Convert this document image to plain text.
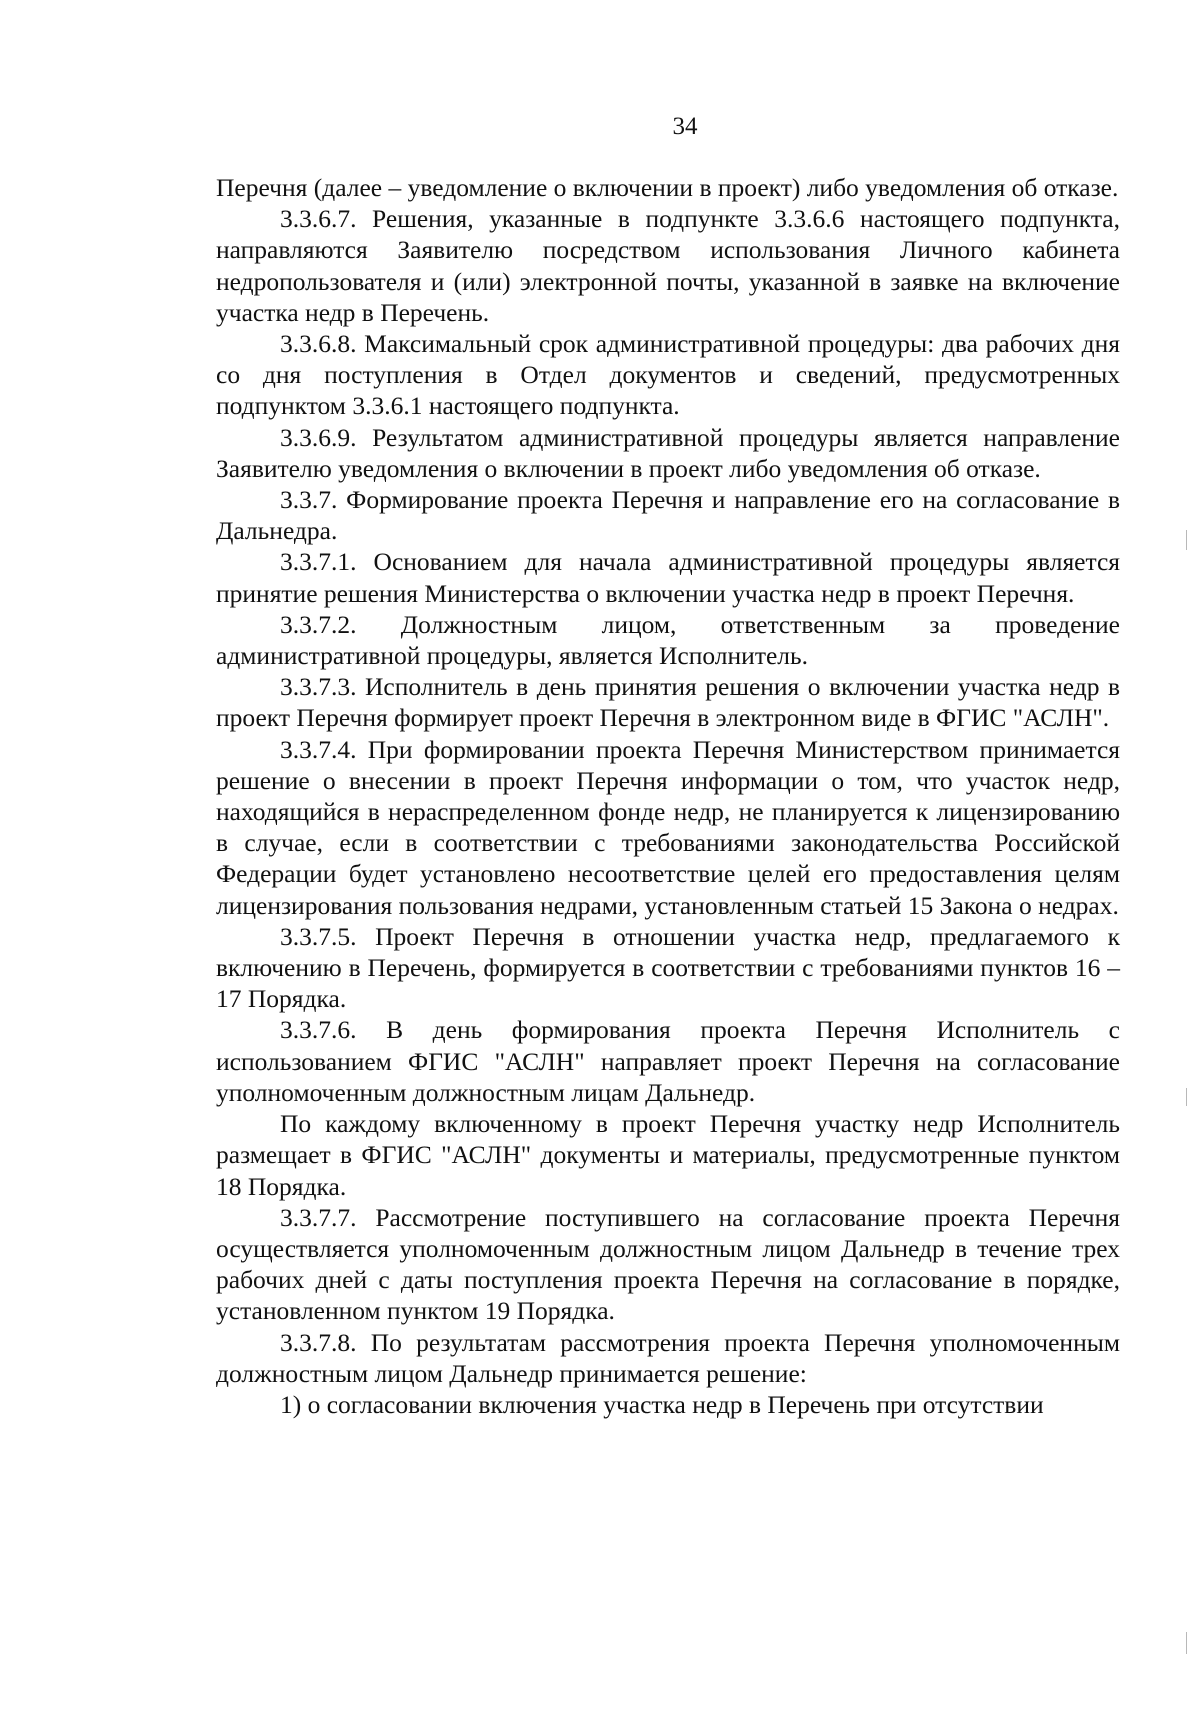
34

Перечня (далее – уведомление о включении в проект) либо уведомления об отказе.

3.3.6.7. Решения, указанные в подпункте 3.3.6.6 настоящего подпункта, направляются Заявителю посредством использования Личного кабинета недропользователя и (или) электронной почты, указанной в заявке на включение участка недр в Перечень.

3.3.6.8. Максимальный срок административной процедуры: два рабочих дня со дня поступления в Отдел документов и сведений, предусмотренных подпунктом 3.3.6.1 настоящего подпункта.

3.3.6.9. Результатом административной процедуры является направление Заявителю уведомления о включении в проект либо уведомления об отказе.

3.3.7. Формирование проекта Перечня и направление его на согласование в Дальнедра.

3.3.7.1. Основанием для начала административной процедуры является принятие решения Министерства о включении участка недр в проект Перечня.

3.3.7.2. Должностным лицом, ответственным за проведение административной процедуры, является Исполнитель.

3.3.7.3. Исполнитель в день принятия решения о включении участка недр в проект Перечня формирует проект Перечня в электронном виде в ФГИС "АСЛН".

3.3.7.4. При формировании проекта Перечня Министерством принимается решение о внесении в проект Перечня информации о том, что участок недр, находящийся в нераспределенном фонде недр, не планируется к лицензированию в случае, если в соответствии с требованиями законодательства Российской Федерации будет установлено несоответствие целей его предоставления целям лицензирования пользования недрами, установленным статьей 15 Закона о недрах.

3.3.7.5. Проект Перечня в отношении участка недр, предлагаемого к включению в Перечень, формируется в соответствии с требованиями пунктов 16 – 17 Порядка.

3.3.7.6. В день формирования проекта Перечня Исполнитель с использованием ФГИС "АСЛН" направляет проект Перечня на согласование уполномоченным должностным лицам Дальнедр.

По каждому включенному в проект Перечня участку недр Исполнитель размещает в ФГИС "АСЛН" документы и материалы, предусмотренные пунктом 18 Порядка.

3.3.7.7. Рассмотрение поступившего на согласование проекта Перечня осуществляется уполномоченным должностным лицом Дальнедр в течение трех рабочих дней с даты поступления проекта Перечня на согласование в порядке, установленном пунктом 19 Порядка.

3.3.7.8. По результатам рассмотрения проекта Перечня уполномоченным должностным лицом Дальнедр принимается решение:

1) о согласовании включения участка недр в Перечень при отсутствии
